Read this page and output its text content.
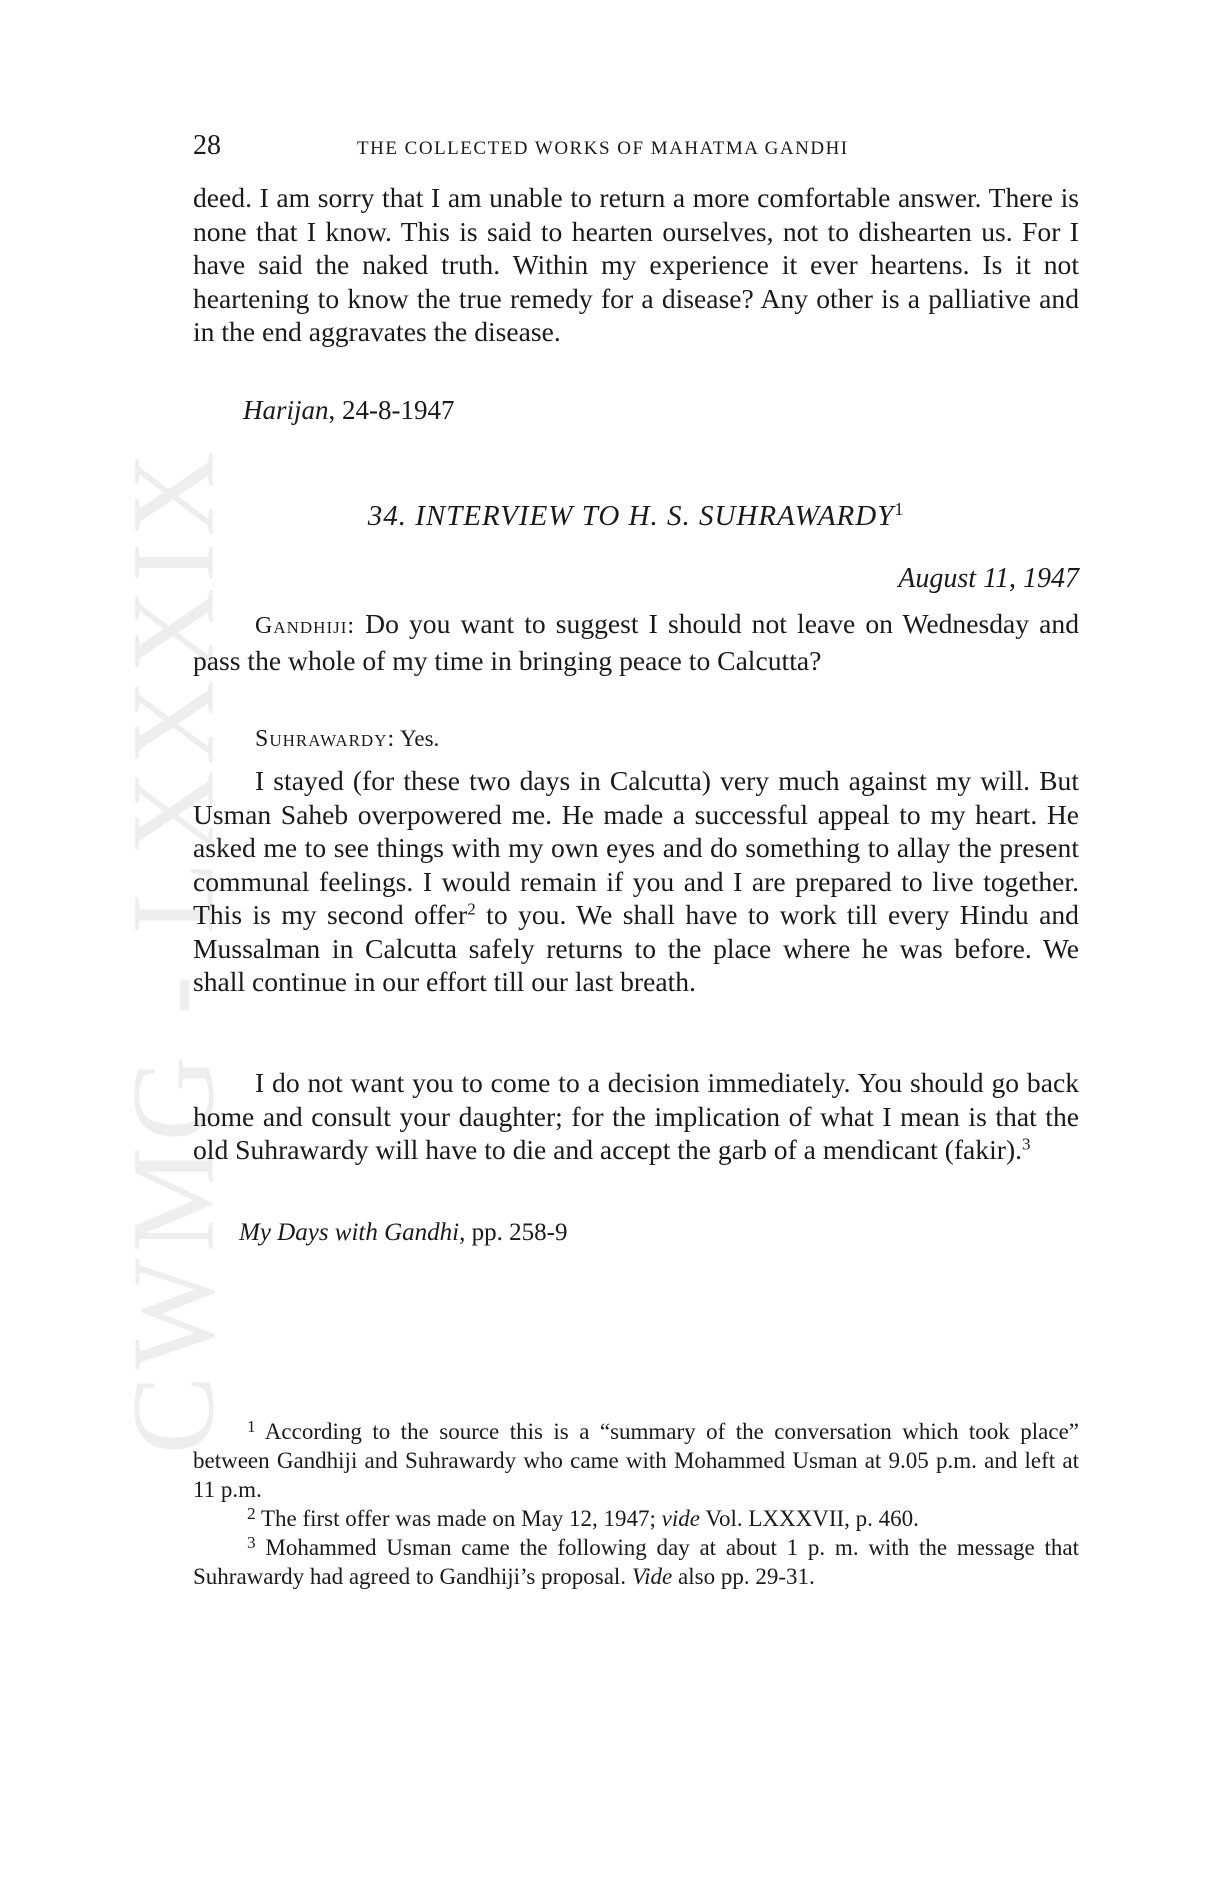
CWMG - LXXXIX
28	THE COLLECTED WORKS OF MAHATMA GANDHI

deed. I am sorry that I am unable to return a more comfortable answer. There is none that I know. This is said to hearten ourselves, not to dishearten us. For I have said the naked truth. Within my experience it ever heartens. Is it not heartening to know the true remedy for a disease? Any other is a palliative and in the end aggravates the disease.

Harijan, 24-8-1947

34. INTERVIEW TO H. S. SUHRAWARDY$^1$
August 11, 1947

Gandhiji: Do you want to suggest I should not leave on Wednesday and pass the whole of my time in bringing peace to Calcutta?

Suhrawardy: Yes.

I stayed (for these two days in Calcutta) very much against my will. But Usman Saheb overpowered me. He made a successful appeal to my heart. He asked me to see things with my own eyes and do something to allay the present communal feelings. I would remain if you and I are prepared to live together. This is my second offer$^2$ to you. We shall have to work till every Hindu and Mussalman in Calcutta safely returns to the place where he was before. We shall continue in our effort till our last breath.

I do not want you to come to a decision immediately. You should go back home and consult your daughter; for the implication of what I mean is that the old Suhrawardy will have to die and accept the garb of a mendicant (fakir).$^3$

My Days with Gandhi, pp. 258-9

$^1$ According to the source this is a “summary of the conversation which took place” between Gandhiji and Suhrawardy who came with Mohammed Usman at 9.05 p.m. and left at 11 p.m.

$^2$ The first offer was made on May 12, 1947; vide Vol. LXXXVII, p. 460.

$^3$ Mohammed Usman came the following day at about 1 p. m. with the message that Suhrawardy had agreed to Gandhiji’s proposal. Vide also pp. 29-31.
